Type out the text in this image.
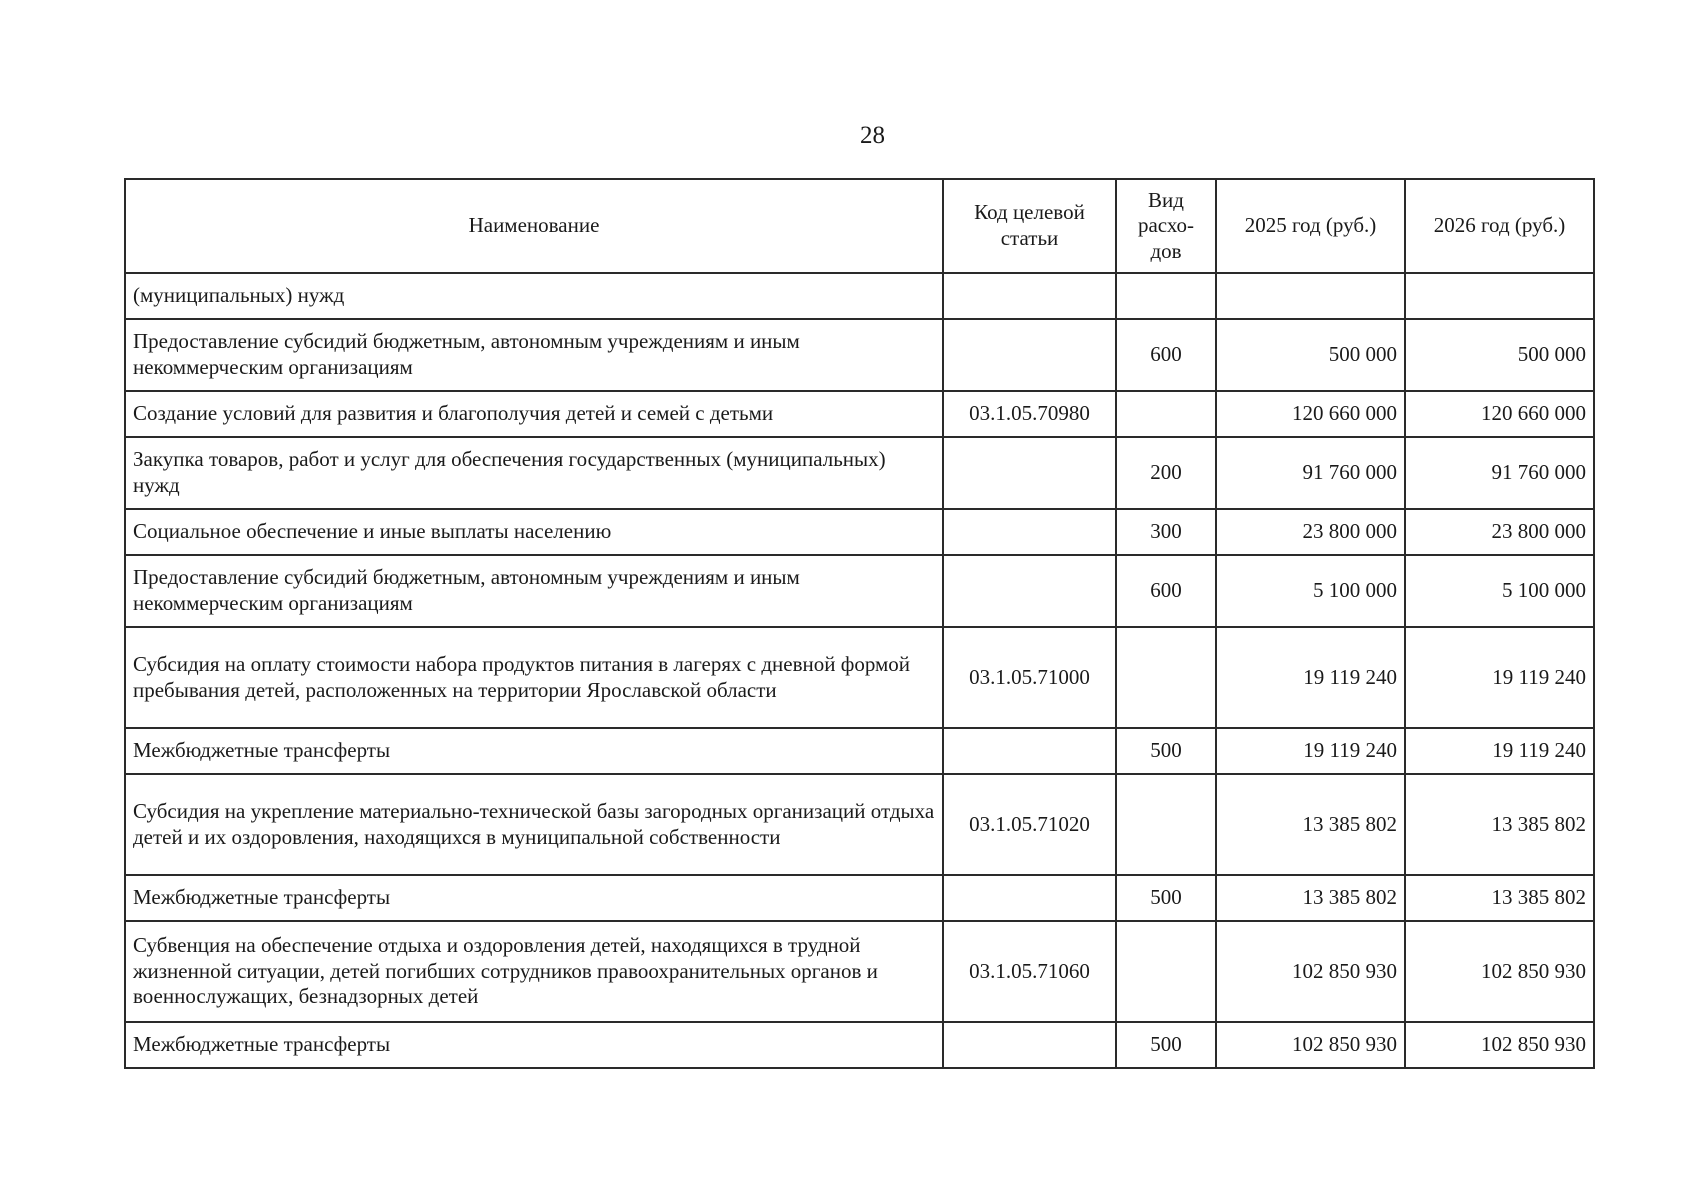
28
Наименование	Код целевой статьи	Вид расхо-дов	2025 год (руб.)	2026 год (руб.)
(муниципальных) нужд				
Предоставление субсидий бюджетным, автономным учреждениям и иным некоммерческим организациям		600	500 000	500 000
Создание условий для развития и благополучия детей и семей с детьми	03.1.05.70980		120 660 000	120 660 000
Закупка товаров, работ и услуг для обеспечения государственных (муниципальных) нужд		200	91 760 000	91 760 000
Социальное обеспечение и иные выплаты населению		300	23 800 000	23 800 000
Предоставление субсидий бюджетным, автономным учреждениям и иным некоммерческим организациям		600	5 100 000	5 100 000
Субсидия на оплату стоимости набора продуктов питания в лагерях с дневной формой пребывания детей, расположенных на территории Ярославской области	03.1.05.71000		19 119 240	19 119 240
Межбюджетные трансферты		500	19 119 240	19 119 240
Субсидия на укрепление материально-технической базы загородных организаций отдыха детей и их оздоровления, находящихся в муниципальной собственности	03.1.05.71020		13 385 802	13 385 802
Межбюджетные трансферты		500	13 385 802	13 385 802
Субвенция на обеспечение отдыха и оздоровления детей, находящихся в трудной жизненной ситуации, детей погибших сотрудников правоохранительных органов и военнослужащих, безнадзорных детей	03.1.05.71060		102 850 930	102 850 930
Межбюджетные трансферты		500	102 850 930	102 850 930
